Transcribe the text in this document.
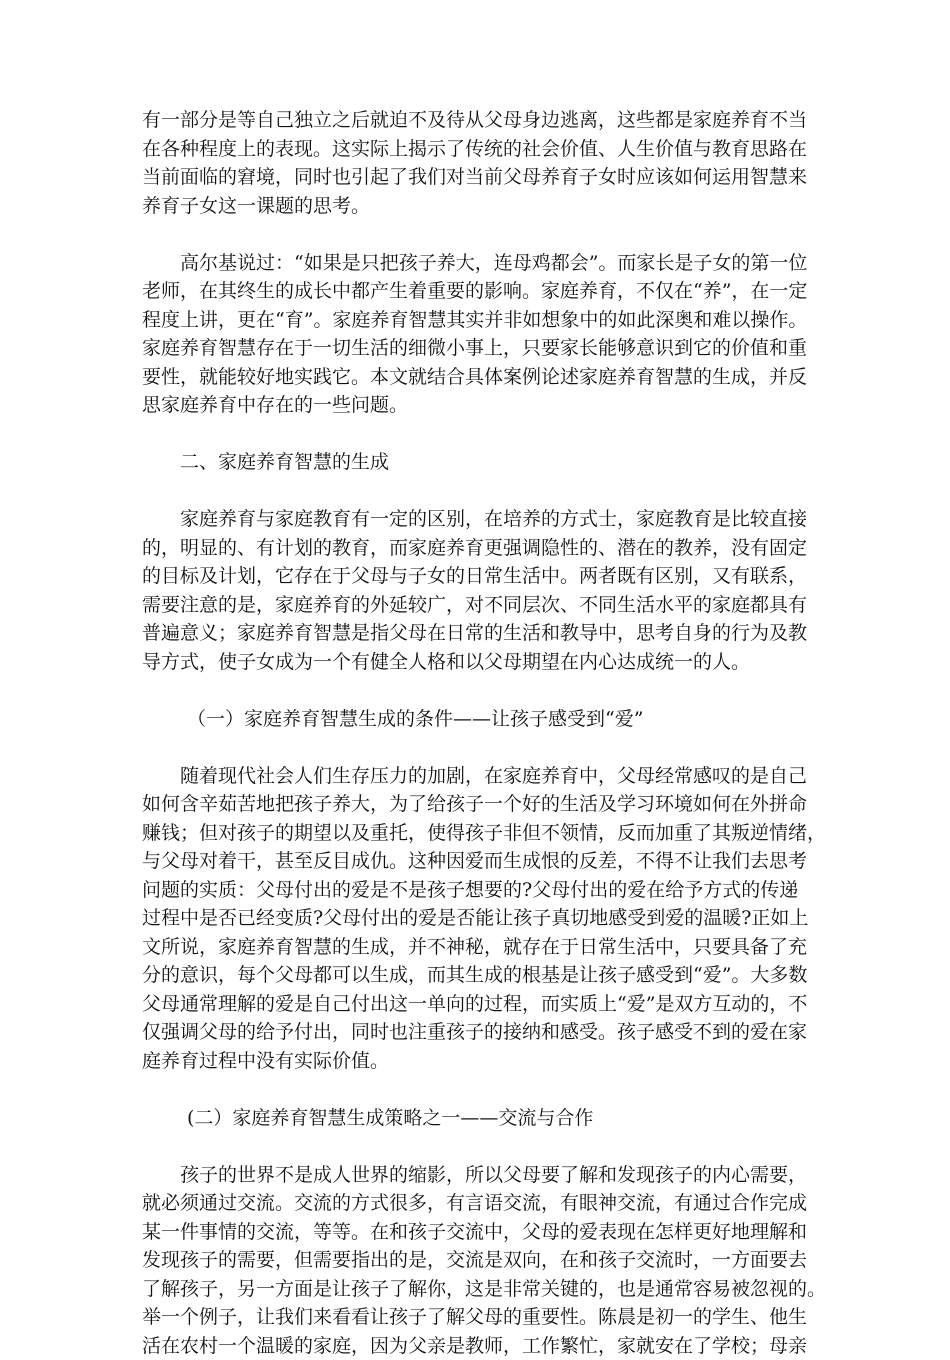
有一部分是等自己独立之后就迫不及待从父母身边逃离，这些都是家庭养育不当
在各种程度上的表现。这实际上揭示了传统的社会价值、人生价值与教育思路在
当前面临的窘境，同时也引起了我们对当前父母养育子女时应该如何运用智慧来
养育子女这一课题的思考。
高尔基说过：“如果是只把孩子养大，连母鸡都会”。而家长是子女的第一位
老师，在其终生的成长中都产生着重要的影响。家庭养育，不仅在“养”，在一定
程度上讲，更在“育”。家庭养育智慧其实并非如想象中的如此深奥和难以操作。
家庭养育智慧存在于一切生活的细微小事上，只要家长能够意识到它的价值和重
要性，就能较好地实践它。本文就结合具体案例论述家庭养育智慧的生成，并反
思家庭养育中存在的一些问题。
二、家庭养育智慧的生成
家庭养育与家庭教育有一定的区别，在培养的方式士，家庭教育是比较直接
的，明显的、有计划的教育，而家庭养育更强调隐性的、潜在的教养，没有固定
的目标及计划，它存在于父母与子女的日常生活中。两者既有区别，又有联系，
需要注意的是，家庭养育的外延较广，对不同层次、不同生活水平的家庭都具有
普遍意义；家庭养育智慧是指父母在日常的生活和教导中，思考自身的行为及教
导方式，使子女成为一个有健全人格和以父母期望在内心达成统一的人。
（一）家庭养育智慧生成的条件——让孩子感受到“爱”
随着现代社会人们生存压力的加剧，在家庭养育中，父母经常感叹的是自己
如何含辛茹苦地把孩子养大，为了给孩子一个好的生活及学习环境如何在外拼命
赚钱；但对孩子的期望以及重托，使得孩子非但不领情，反而加重了其叛逆情绪，
与父母对着干，甚至反目成仇。这种因爱而生成恨的反差，不得不让我们去思考
问题的实质：父母付出的爱是不是孩子想要的?父母付出的爱在给予方式的传递
过程中是否已经变质?父母付出的爱是否能让孩子真切地感受到爱的温暖?正如上
文所说，家庭养育智慧的生成，并不神秘，就存在于日常生活中，只要具备了充
分的意识，每个父母都可以生成，而其生成的根基是让孩子感受到“爱”。大多数
父母通常理解的爱是自己付出这一单向的过程，而实质上“爱”是双方互动的，不
仅强调父母的给予付出，同时也注重孩子的接纳和感受。孩子感受不到的爱在家
庭养育过程中没有实际价值。
(二）家庭养育智慧生成策略之一——交流与合作
孩子的世界不是成人世界的缩影，所以父母要了解和发现孩子的内心需要，
就必须通过交流。交流的方式很多，有言语交流，有眼神交流，有通过合作完成
某一件事情的交流，等等。在和孩子交流中，父母的爱表现在怎样更好地理解和
发现孩子的需要，但需要指出的是，交流是双向，在和孩子交流时，一方面要去
了解孩子，另一方面是让孩子了解你，这是非常关键的，也是通常容易被忽视的。
举一个例子，让我们来看看让孩子了解父母的重要性。陈晨是初一的学生、他生
活在农村一个温暖的家庭，因为父亲是教师，工作繁忙，家就安在了学校；母亲
